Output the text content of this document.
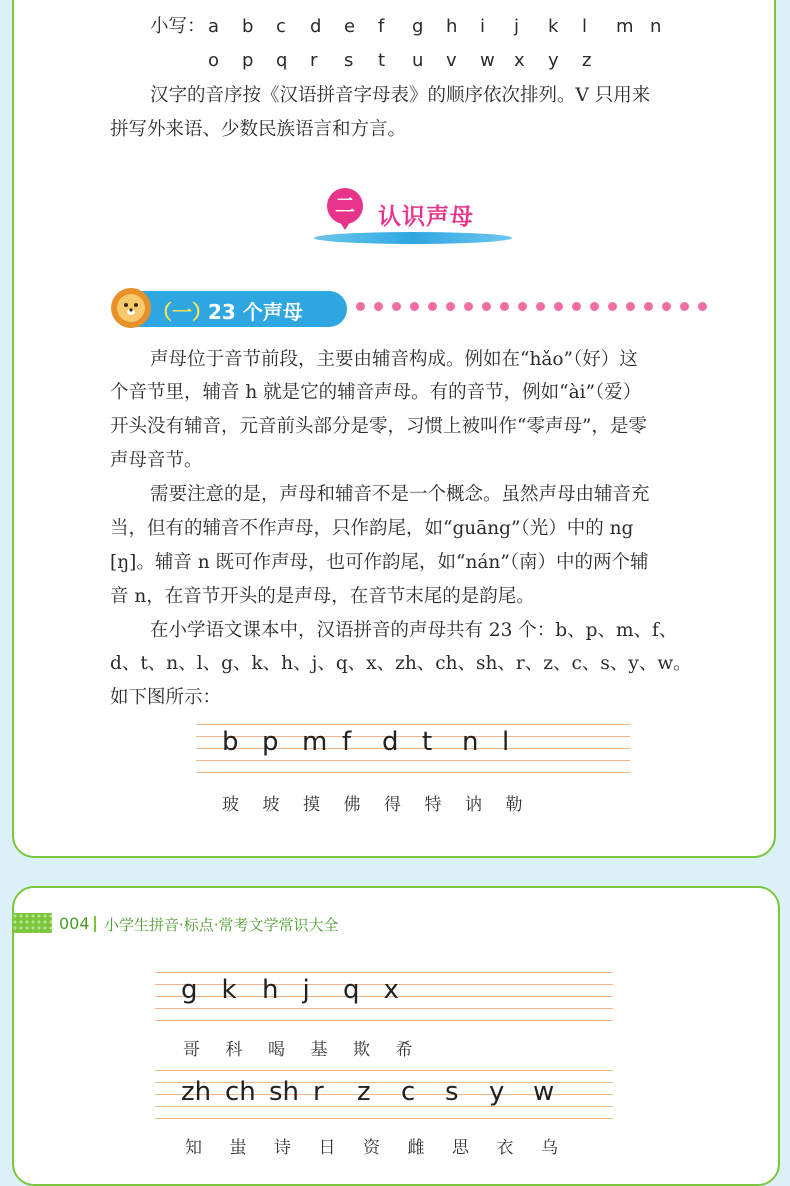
小写： a b c d e f g h i j k l m n
o p q r s t u v w x y z
汉字的音序按《汉语拼音字母表》的顺序依次排列。V 只用来
拼写外来语、少数民族语言和方言。
二	认识声母
（一）
23 个声母
声母位于音节前段，主要由辅音构成。例如在“hǎo”（好）这
个音节里，辅音 h 就是它的辅音声母。有的音节，例如“ài”（爱）
开头没有辅音，元音前头部分是零，习惯上被叫作“零声母”，是零
声母音节。
需要注意的是，声母和辅音不是一个概念。虽然声母由辅音充
当，但有的辅音不作声母，只作韵尾，如“guāng”（光）中的 ng
[ŋ]。辅音 n 既可作声母，也可作韵尾，如“nán”（南）中的两个辅
音 n，在音节开头的是声母，在音节末尾的是韵尾。
在小学语文课本中，汉语拼音的声母共有 23 个：b、p、m、f、
d、t、n、l、g、k、h、j、q、x、zh、ch、sh、r、z、c、s、y、w。
如下图所示：
b p m f d t n l
玻 坡 摸 佛 得 特 讷 勒
004 小学生拼音·标点·常考文学常识大全
g k h j q x
哥 科 喝 基 欺 希
zh ch sh r z c s y w
知 蚩 诗 日 资 雌 思 衣 乌
